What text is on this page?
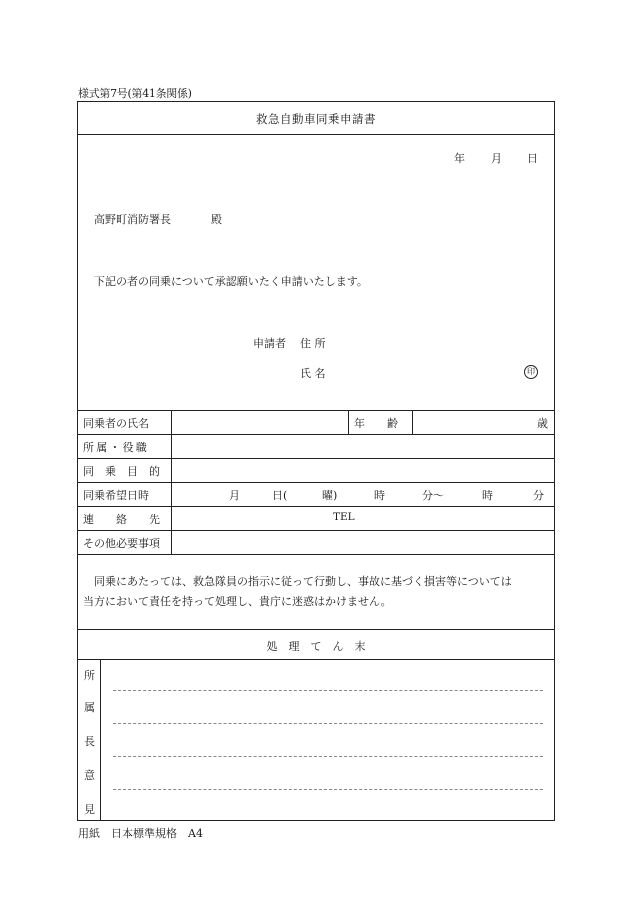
様式第7号(第41条関係)
救急自動車同乗申請書
年 月 日
高野町消防署長	殿
下記の者の同乗について承認願いたく申請いたします。
申請者 住 所
氏 名	印
同乗者の氏名	年　　齢	歳
所属・役職
同　乗　目　的
同乗希望日時	月	日(	曜)	時	分～	時	分
連　　絡　　先	TEL
その他必要事項
同乗にあたっては、救急隊員の指示に従って行動し、事故に基づく損害等については
当方において責任を持って処理し、貴庁に迷惑はかけません。
処　理　て　ん　末
所
属
長
意
見
用紙　日本標準規格　A4
